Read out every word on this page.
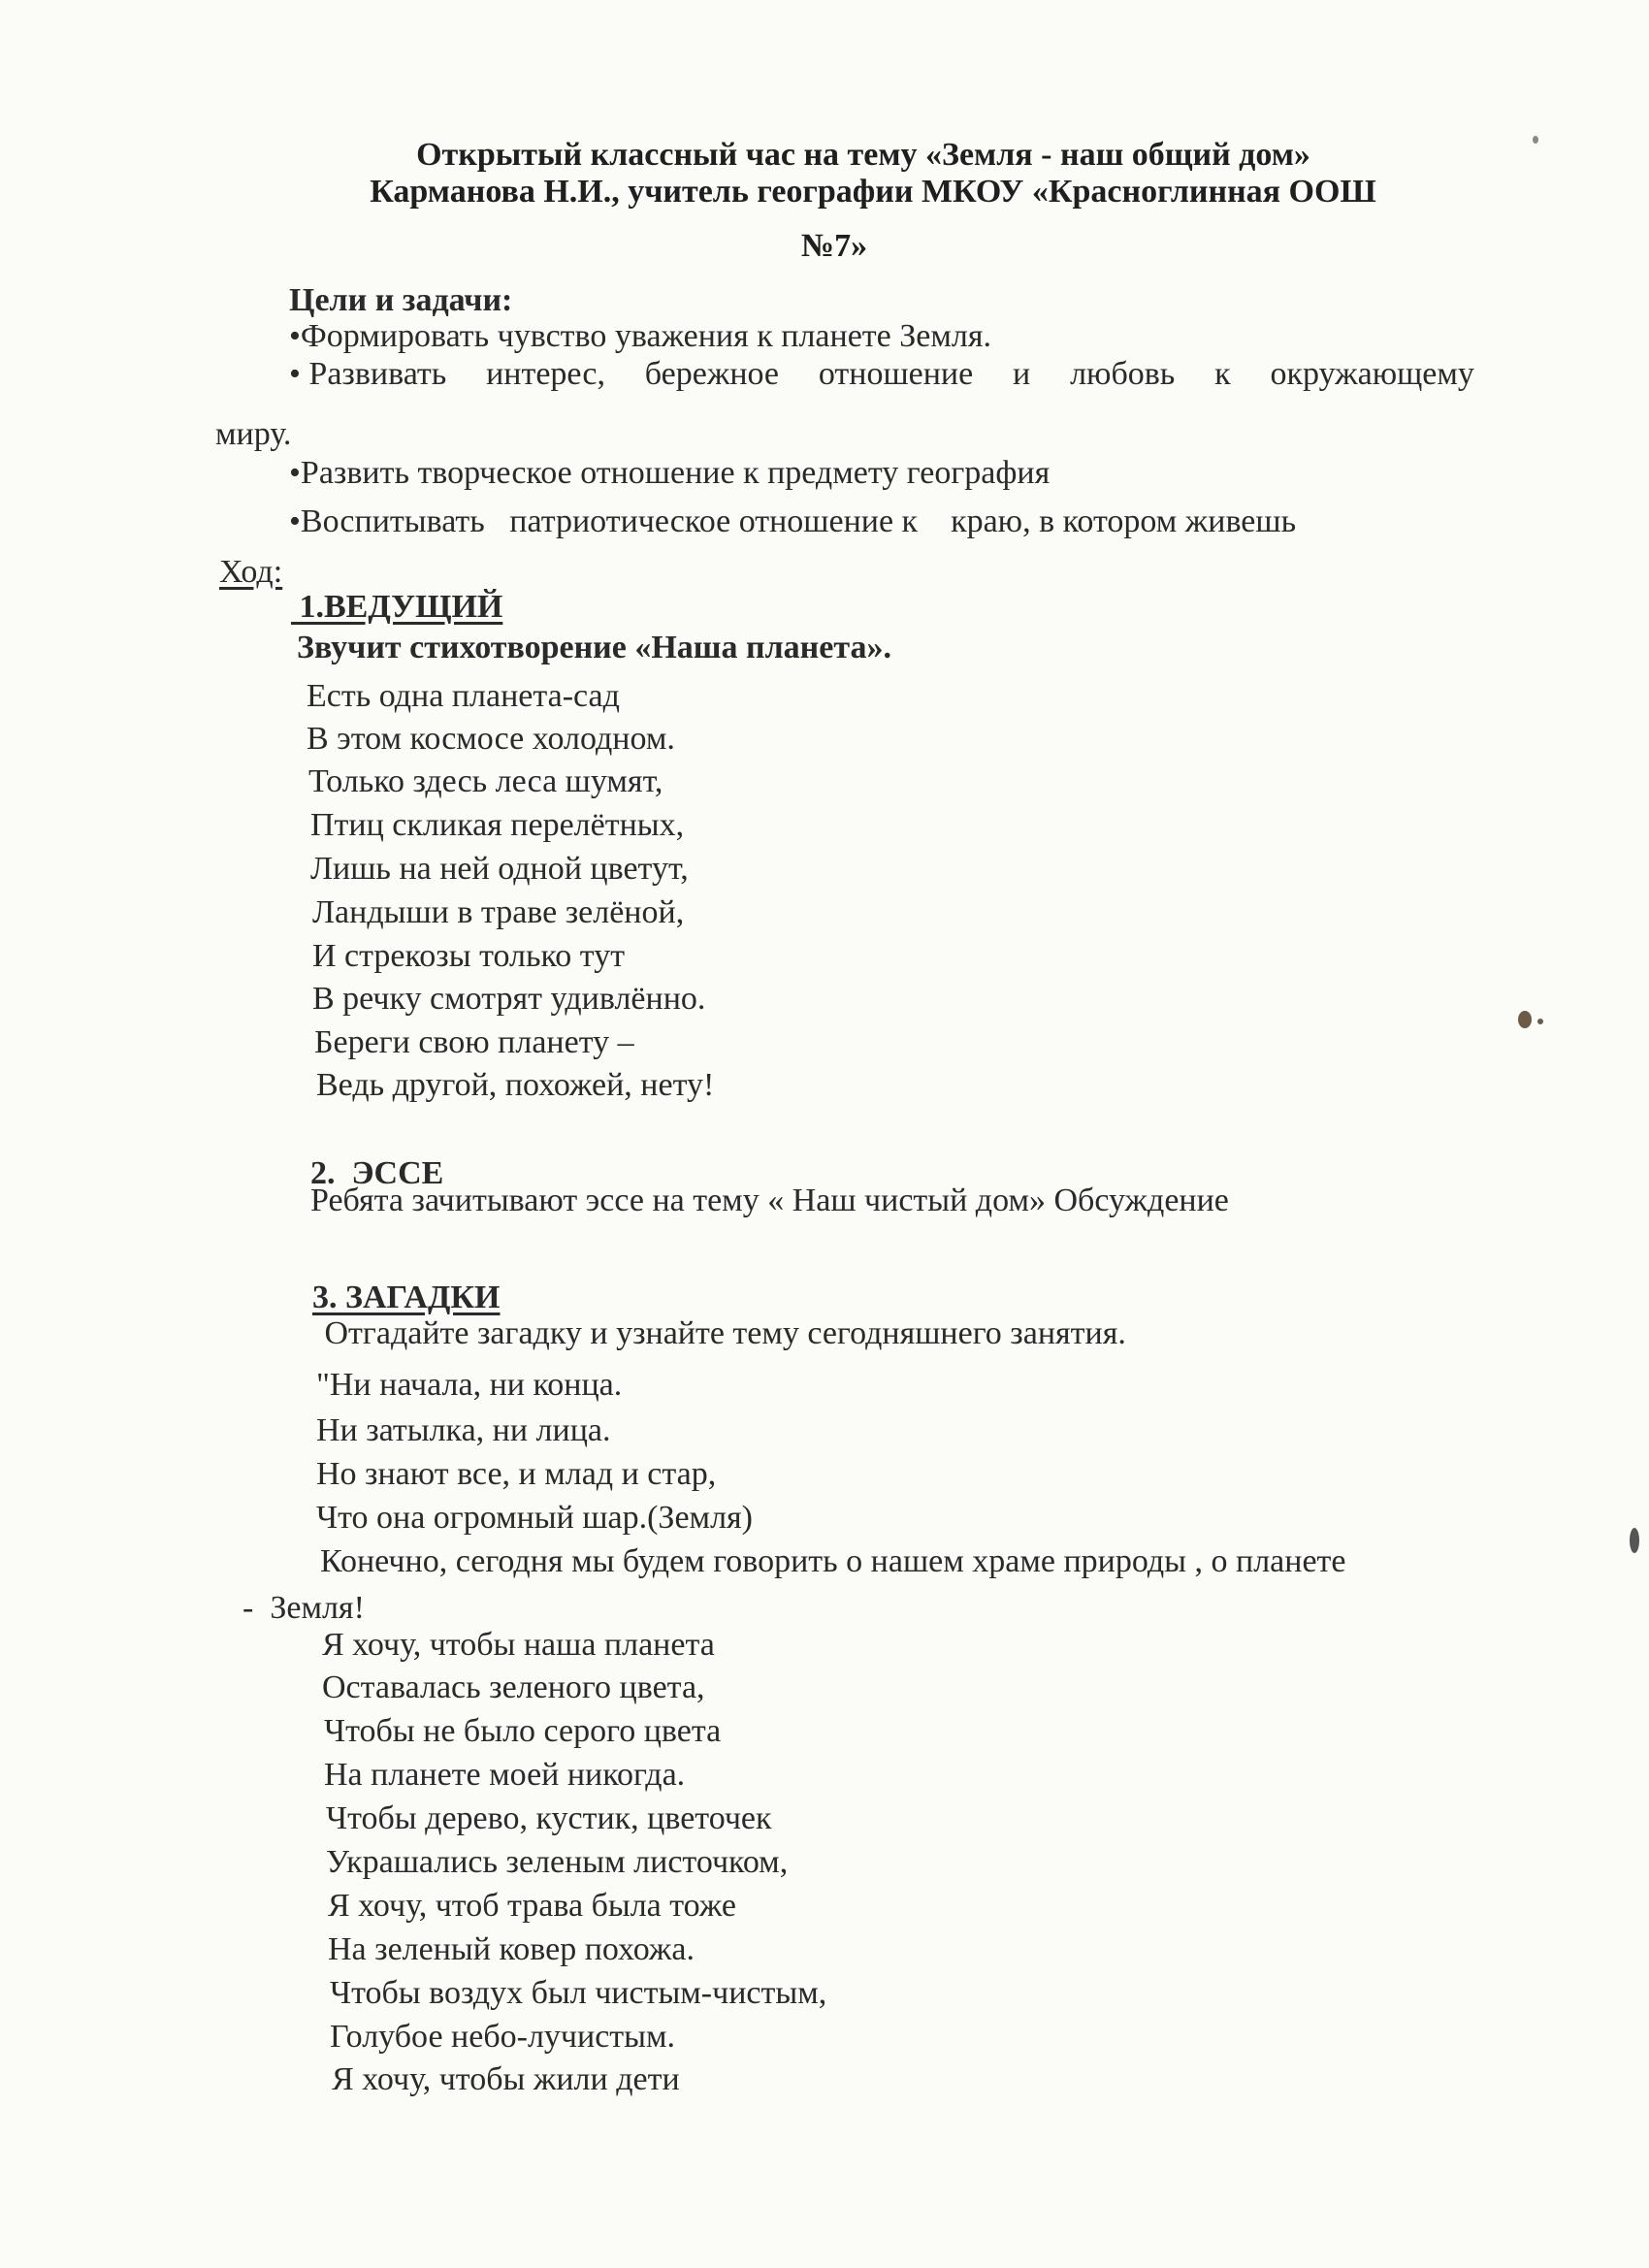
Открытый классный час на тему «Земля - наш общий дом»
Карманова Н.И., учитель географии МКОУ «Красноглинная ООШ
№7»
Цели и задачи:
•Формировать чувство уважения к планете Земля.
• Развивать интерес, бережное отношение и любовь к окружающему
миру.
•Развить творческое отношение к предмету география
•Воспитывать   патриотическое отношение к    краю, в котором живешь
Ход:
1.ВЕДУЩИЙ
Звучит стихотворение «Наша планета».
Есть одна планета-сад
В этом космосе холодном.
Только здесь леса шумят,
Птиц скликая перелётных,
Лишь на ней одной цветут,
Ландыши в траве зелёной,
И стрекозы только тут
В речку смотрят удивлённо.
Береги свою планету –
Ведь другой, похожей, нету!
2.  ЭССЕ
Ребята зачитывают эссе на тему « Наш чистый дом» Обсуждение
3. ЗАГАДКИ
Отгадайте загадку и узнайте тему сегодняшнего занятия.
"Ни начала, ни конца.
Ни затылка, ни лица.
Но знают все, и млад и стар,
Что она огромный шар.(Земля)
Конечно, сегодня мы будем говорить о нашем храме природы , о планете
-  Земля!
Я хочу, чтобы наша планета
Оставалась зеленого цвета,
Чтобы не было серого цвета
На планете моей никогда.
Чтобы дерево, кустик, цветочек
Украшались зеленым листочком,
Я хочу, чтоб трава была тоже
На зеленый ковер похожа.
Чтобы воздух был чистым-чистым,
Голубое небо-лучистым.
Я хочу, чтобы жили дети
